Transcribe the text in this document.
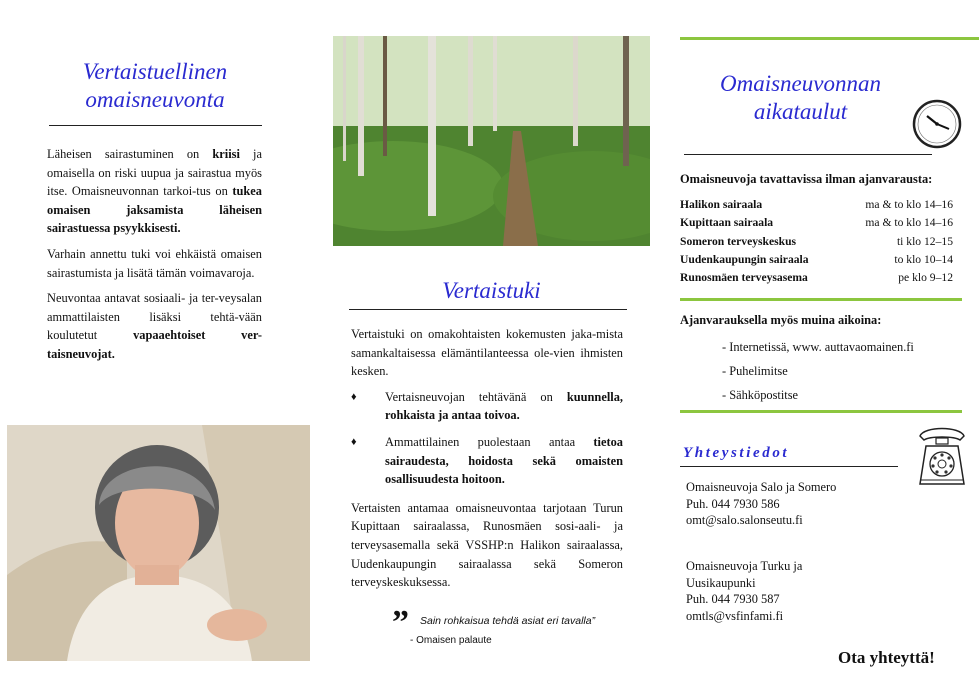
Vertaistuellinen
omaisneuvonta

Läheisen sairastuminen on kriisi ja omaisella on riski uupua ja sairastua myös itse. Omaisneuvonnan tarkoi-tus on tukea omaisen jaksamista läheisen sairastuessa psyykkisesti.

Varhain annettu tuki voi ehkäistä omaisen sairastumista ja lisätä tämän voimavaroja.

Neuvontaa antavat sosiaali- ja ter-veysalan ammattilaisten lisäksi tehtä-vään koulutetut vapaaehtoiset ver-taisneuvojat.

Vertaistuki

Vertaistuki on omakohtaisten kokemusten jaka-mista samankaltaisessa elämäntilanteessa ole-vien ihmisten kesken.

♦ Vertaisneuvojan tehtävänä on kuunnella, rohkaista ja antaa toivoa.
♦ Ammattilainen puolestaan antaa tietoa sairaudesta, hoidosta sekä omaisten osallisuudesta hoitoon.

Vertaisten antamaa omaisneuvontaa tarjotaan Turun Kupittaan sairaalassa, Runosmäen sosi-aali- ja terveysasemalla sekä VSSHP:n Halikon sairaalassa, Uudenkaupungin sairaalassa sekä Someron terveyskeskuksessa.

” Sain rohkaisua tehdä asiat eri tavalla”
- Omaisen palaute
Omaisneuvonnan
aikataulut
Omaisneuvoja tavattavissa ilman ajanvarausta:
Halikon sairaala	ma & to klo 14–16
Kupittaan sairaala	ma & to klo 14–16
Someron terveyskeskus	ti klo 12–15
Uudenkaupungin sairaala	to klo 10–14
Runosmäen terveysasema	pe klo 9–12
Ajanvarauksella myös muina aikoina:
- Internetissä, www. auttavaomainen.fi
- Puhelimitse
- Sähköpostitse
Yhteystiedot
Omaisneuvoja Salo ja Somero
Puh. 044 7930 586
omt@salo.salonseutu.fi
Omaisneuvoja Turku ja
Uusikaupunki
Puh. 044 7930 587
omtls@vsfinfami.fi
Ota yhteyttä!
